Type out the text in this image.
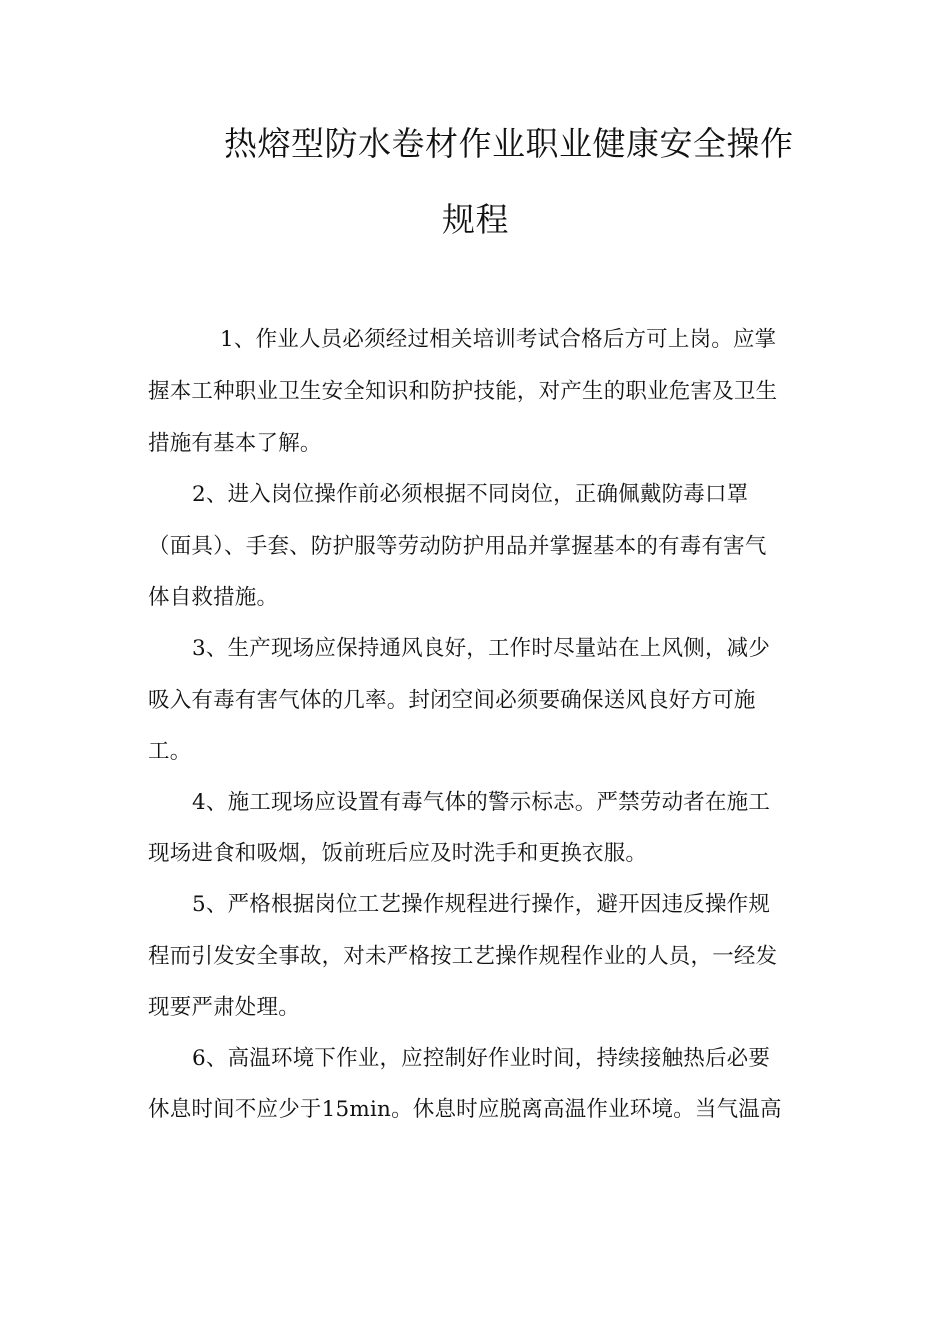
热熔型防水卷材作业职业健康安全操作
规程
1、作业人员必须经过相关培训考试合格后方可上岗。应掌
握本工种职业卫生安全知识和防护技能，对产生的职业危害及卫生
措施有基本了解。
2、进入岗位操作前必须根据不同岗位，正确佩戴防毒口罩
（面具）、手套、防护服等劳动防护用品并掌握基本的有毒有害气
体自救措施。
3、生产现场应保持通风良好，工作时尽量站在上风侧，减少
吸入有毒有害气体的几率。封闭空间必须要确保送风良好方可施
工。
4、施工现场应设置有毒气体的警示标志。严禁劳动者在施工
现场进食和吸烟，饭前班后应及时洗手和更换衣服。
5、严格根据岗位工艺操作规程进行操作，避开因违反操作规
程而引发安全事故，对未严格按工艺操作规程作业的人员，一经发
现要严肃处理。
6、高温环境下作业，应控制好作业时间，持续接触热后必要
休息时间不应少于15min。休息时应脱离高温作业环境。当气温高
